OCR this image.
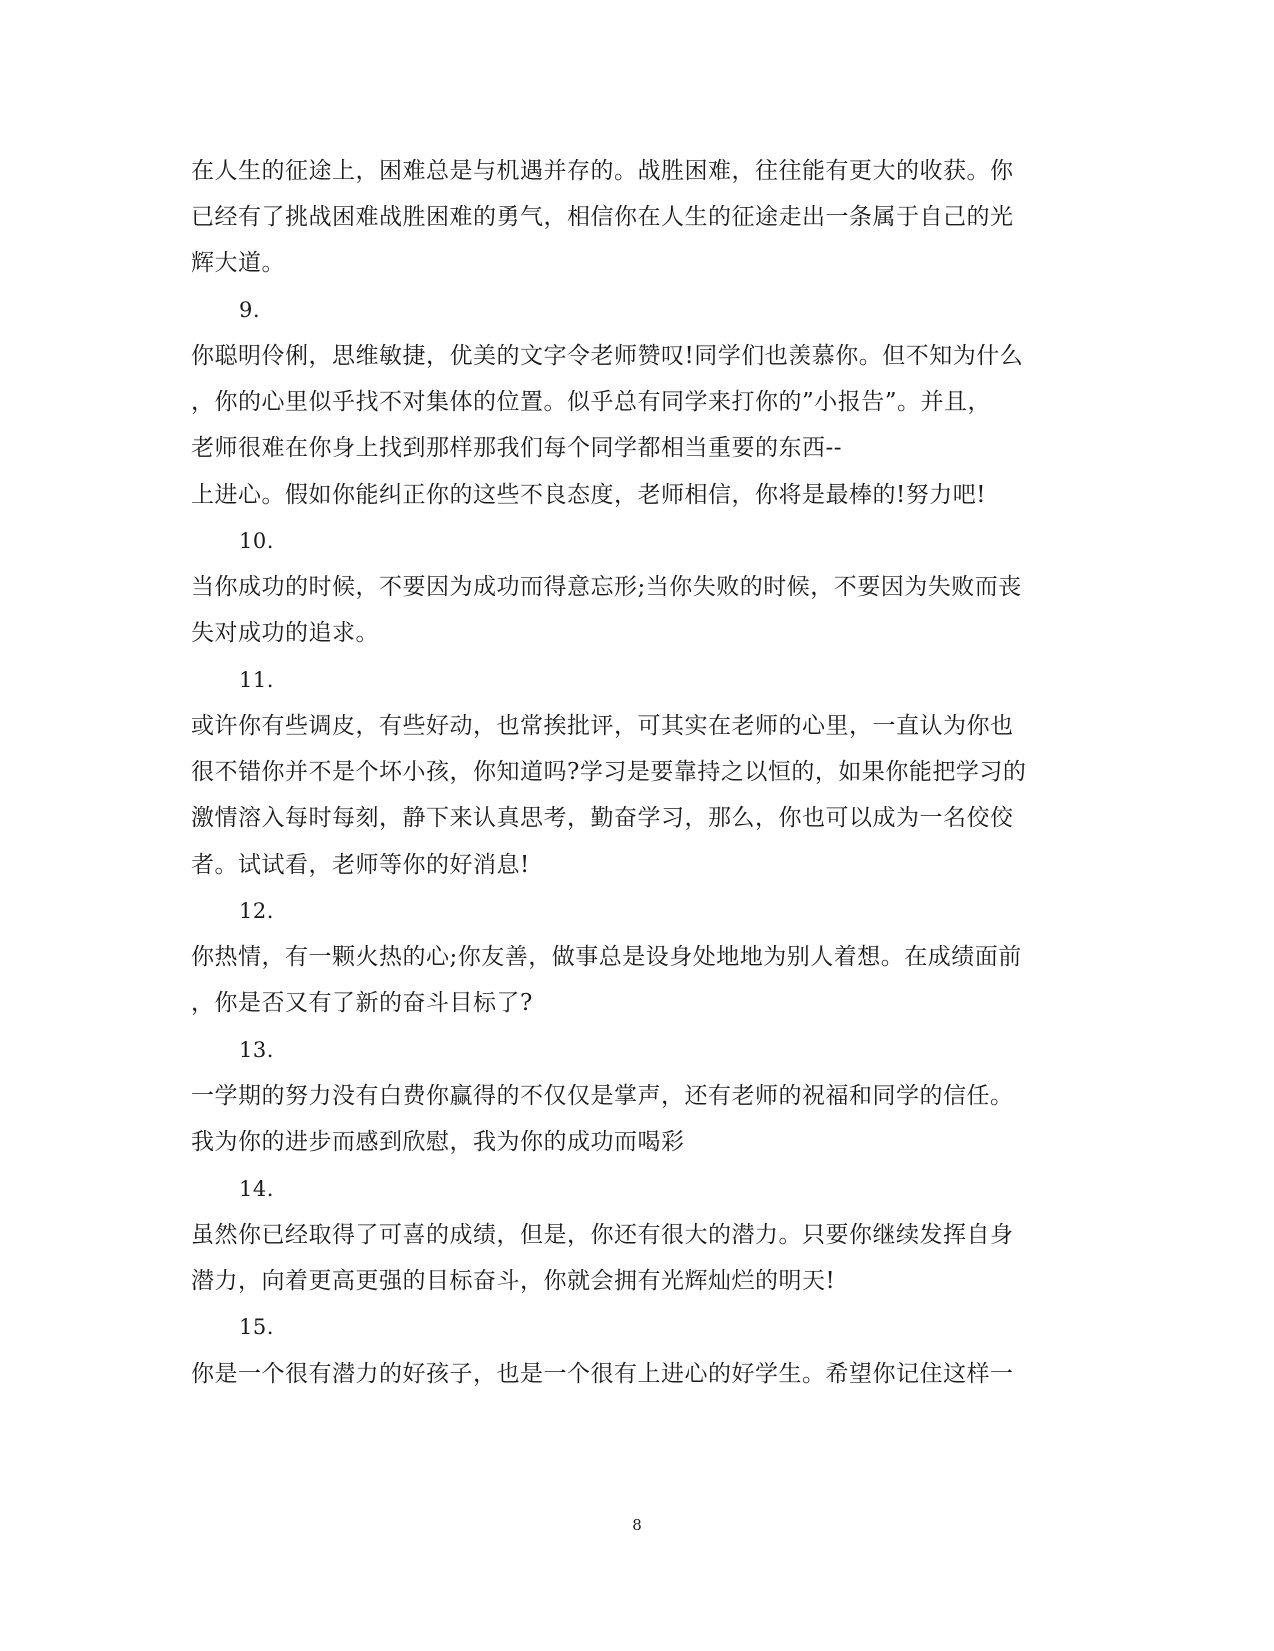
在人生的征途上，困难总是与机遇并存的。战胜困难，往往能有更大的收获。你
已经有了挑战困难战胜困难的勇气，相信你在人生的征途走出一条属于自己的光
辉大道。
9.
你聪明伶俐，思维敏捷，优美的文字令老师赞叹!同学们也羡慕你。但不知为什么
，你的心里似乎找不对集体的位置。似乎总有同学来打你的”小报告”。并且，
老师很难在你身上找到那样那我们每个同学都相当重要的东西--
上进心。假如你能纠正你的这些不良态度，老师相信，你将是最棒的!努力吧!
10.
当你成功的时候，不要因为成功而得意忘形;当你失败的时候，不要因为失败而丧
失对成功的追求。
11.
或许你有些调皮，有些好动，也常挨批评，可其实在老师的心里，一直认为你也
很不错你并不是个坏小孩，你知道吗?学习是要靠持之以恒的，如果你能把学习的
激情溶入每时每刻，静下来认真思考，勤奋学习，那么，你也可以成为一名佼佼
者。试试看，老师等你的好消息!
12.
你热情，有一颗火热的心;你友善，做事总是设身处地地为别人着想。在成绩面前
，你是否又有了新的奋斗目标了?
13.
一学期的努力没有白费你赢得的不仅仅是掌声，还有老师的祝福和同学的信任。
我为你的进步而感到欣慰，我为你的成功而喝彩
14.
虽然你已经取得了可喜的成绩，但是，你还有很大的潜力。只要你继续发挥自身
潜力，向着更高更强的目标奋斗，你就会拥有光辉灿烂的明天!
15.
你是一个很有潜力的好孩子，也是一个很有上进心的好学生。希望你记住这样一
8
